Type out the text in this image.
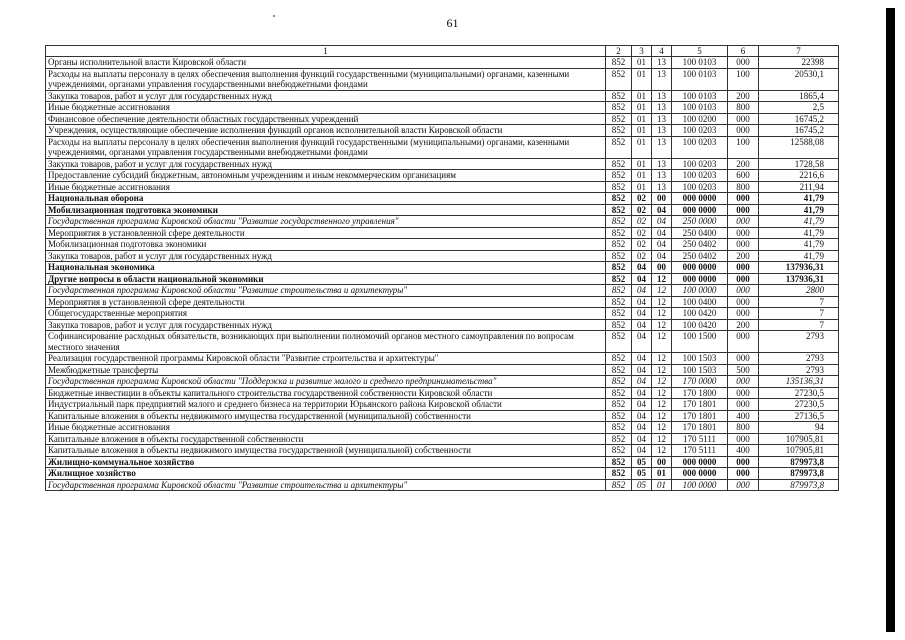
61
1	2	3	4	5	6	7
Органы исполнительной власти Кировской области	852	01	13	100 0103	000	22398
Расходы на выплаты персоналу в целях обеспечения выполнения функций государственными (муниципальными) органами, казенными учреждениями, органами управления государственными внебюджетными фондами	852	01	13	100 0103	100	20530,1
Закупка товаров, работ и услуг для государственных нужд	852	01	13	100 0103	200	1865,4
Иные бюджетные ассигнования	852	01	13	100 0103	800	2,5
Финансовое обеспечение деятельности областных государственных учреждений	852	01	13	100 0200	000	16745,2
Учреждения, осуществляющие обеспечение исполнения функций органов исполнительной власти Кировской области	852	01	13	100 0203	000	16745,2
Расходы на выплаты персоналу в целях обеспечения выполнения функций государственными (муниципальными) органами, казенными учреждениями, органами управления государственными внебюджетными фондами	852	01	13	100 0203	100	12588,08
Закупка товаров, работ и услуг для государственных нужд	852	01	13	100 0203	200	1728,58
Предоставление субсидий бюджетным, автономным учреждениям и иным некоммерческим организациям	852	01	13	100 0203	600	2216,6
Иные бюджетные ассигнования	852	01	13	100 0203	800	211,94
Национальная оборона	852	02	00	000 0000	000	41,79
Мобилизационная подготовка экономики	852	02	04	000 0000	000	41,79
Государственная программа Кировской области "Развитие государственного управления"	852	02	04	250 0000	000	41,79
Мероприятия в установленной сфере деятельности	852	02	04	250 0400	000	41,79
Мобилизационная подготовка экономики	852	02	04	250 0402	000	41,79
Закупка товаров, работ и услуг для государственных нужд	852	02	04	250 0402	200	41,79
Национальная экономика	852	04	00	000 0000	000	137936,31
Другие вопросы в области национальной экономики	852	04	12	000 0000	000	137936,31
Государственная программа Кировской области "Развитие строительства и архитектуры"	852	04	12	100 0000	000	2800
Мероприятия в установленной сфере деятельности	852	04	12	100 0400	000	7
Общегосударственные мероприятия	852	04	12	100 0420	000	7
Закупка товаров, работ и услуг для государственных нужд	852	04	12	100 0420	200	7
Софинансирование расходных обязательств, возникающих при выполнении полномочий органов местного самоуправления по вопросам местного значения	852	04	12	100 1500	000	2793
Реализация государственной программы Кировской области "Развитие строительства и архитектуры"	852	04	12	100 1503	000	2793
Межбюджетные трансферты	852	04	12	100 1503	500	2793
Государственная программа Кировской области "Поддержка и развитие малого и среднего предпринимательства"	852	04	12	170 0000	000	135136,31
Бюджетные инвестиции в объекты капитального строительства государственной собственности Кировской области	852	04	12	170 1800	000	27230,5
Индустриальный парк предприятий малого и среднего бизнеса на территории Юрьянского района Кировской области	852	04	12	170 1801	000	27230,5
Капитальные вложения в объекты недвижимого имущества государственной (муниципальной) собственности	852	04	12	170 1801	400	27136,5
Иные бюджетные ассигнования	852	04	12	170 1801	800	94
Капитальные вложения в объекты государственной собственности	852	04	12	170 5111	000	107905,81
Капитальные вложения в объекты недвижимого имущества государственной (муниципальной) собственности	852	04	12	170 5111	400	107905,81
Жилищно-коммунальное хозяйство	852	05	00	000 0000	000	879973,8
Жилищное хозяйство	852	05	01	000 0000	000	879973,8
Государственная программа Кировской области "Развитие строительства и архитектуры"	852	05	01	100 0000	000	879973,8
